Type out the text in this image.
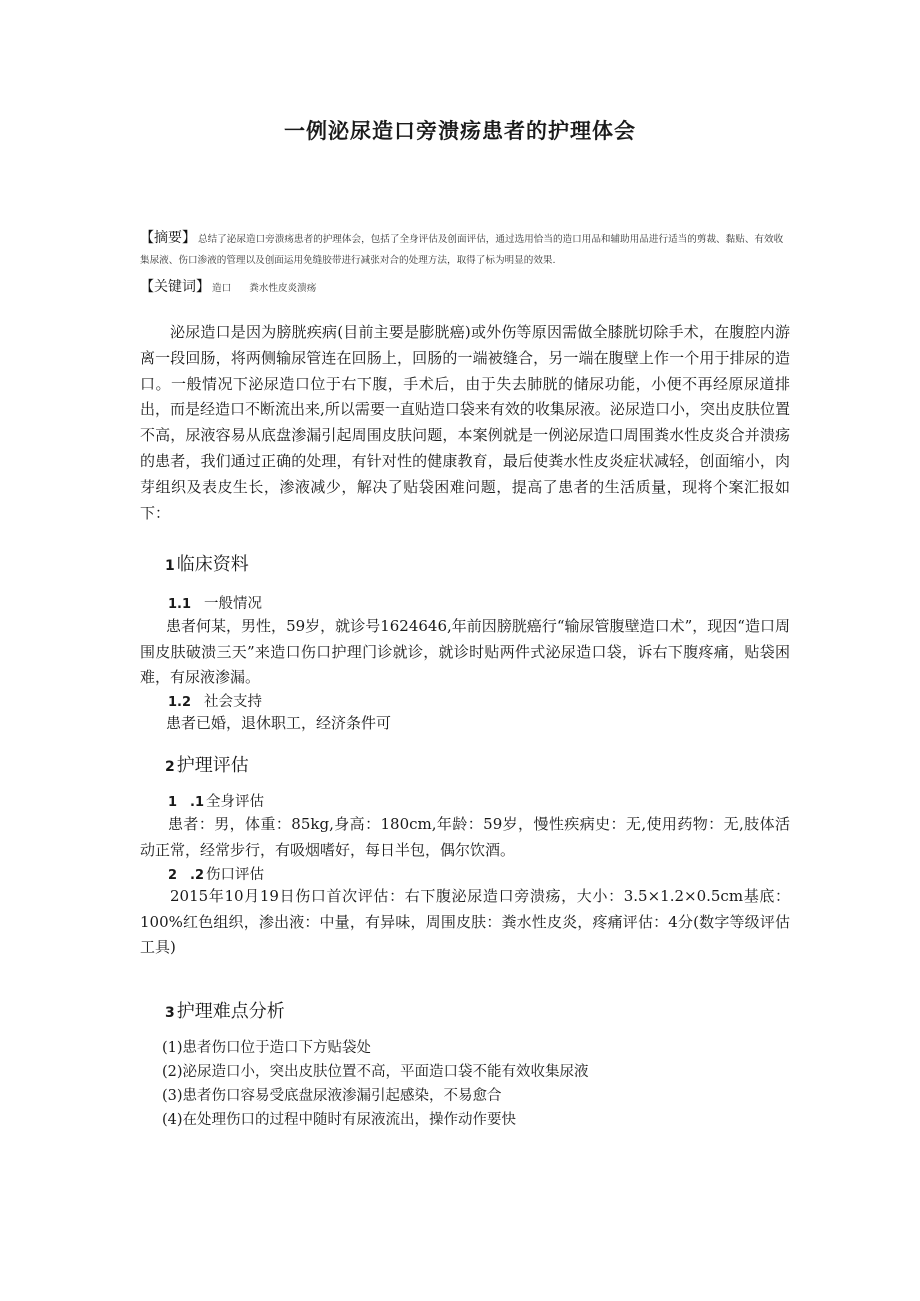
一例泌尿造口旁溃疡患者的护理体会

【摘要】 总结了泌尿造口旁溃疡患者的护理体会，包括了全身评估及创面评估，通过选用恰当的造口用品和辅助用品进行适当的剪裁、黏贴、有效收集尿液、伤口渗液的管理以及创面运用免缝胶带进行减张对合的处理方法，取得了标为明显的效果.

【关键词】 造口 粪水性皮炎溃疡

泌尿造口是因为膀胱疾病(目前主要是膨胱癌)或外伤等原因需做全膝胱切除手术，在腹腔内游离一段回肠，将两侧输尿管连在回肠上，回肠的一端被缝合，另一端在腹壁上作一个用于排尿的造口。一般情况下泌尿造口位于右下腹，手术后，由于失去肺胱的储尿功能，小便不再经原尿道排出，而是经造口不断流出来,所以需要一直贴造口袋来有效的收集尿液。泌尿造口小，突出皮肤位置不高，尿液容易从底盘渗漏引起周围皮肤问题，本案例就是一例泌尿造口周围粪水性皮炎合并溃疡的患者，我们通过正确的处理，有针对性的健康教育，最后使粪水性皮炎症状减轻，创面缩小，肉芽组织及表皮生长，渗液减少，解决了贴袋困难问题，提高了患者的生活质量，现将个案汇报如下：

1 临床资料

1.1 一般情况

患者何某，男性，59岁，就诊号1624646,年前因膀胱癌行“输尿管腹壁造口术”，现因“造口周围皮肤破溃三天”来造口伤口护理门诊就诊，就诊时贴两件式泌尿造口袋，诉右下腹疼痛，贴袋困难，有尿液渗漏。

1.2 社会支持

患者已婚，退休职工，经济条件可

2 护理评估

1　.1 全身评估

患者：男，体重：85kg,身高：180cm,年龄：59岁，慢性疾病史：无,使用药物：无,肢体活动正常，经常步行，有吸烟嗜好，每日半包，偶尔饮酒。

2　.2 伤口评估

2015年10月19日伤口首次评估：右下腹泌尿造口旁溃疡，大小：3.5×1.2×0.5cm基底：100%红色组织，渗出液：中量，有异味，周围皮肤：粪水性皮炎，疼痛评估：4分(数字等级评估工具)

3 护理难点分析

(1)患者伤口位于造口下方贴袋处

(2)泌尿造口小，突出皮肤位置不高，平面造口袋不能有效收集尿液

(3)患者伤口容易受底盘尿液渗漏引起感染，不易愈合

(4)在处理伤口的过程中随时有尿液流出，操作动作要快
